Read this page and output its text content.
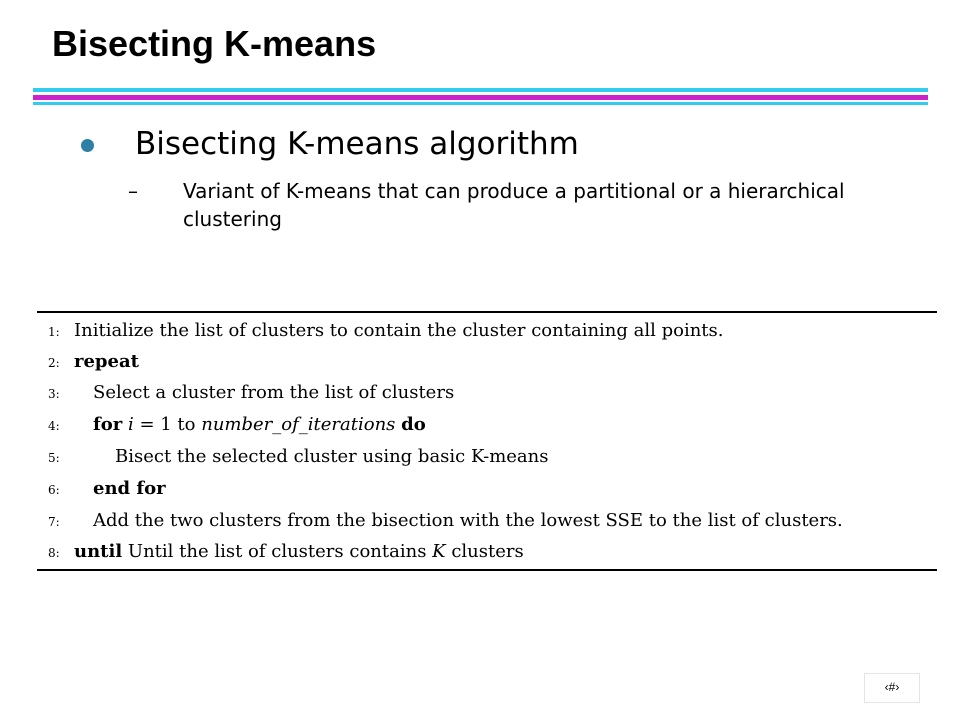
Bisecting K-means
Bisecting K-means algorithm
– Variant of K-means that can produce a partitional or a hierarchical clustering
1: Initialize the list of clusters to contain the cluster containing all points.
2: repeat
3: Select a cluster from the list of clusters
4: for i = 1 to number_of_iterations do
5:	Bisect the selected cluster using basic K-means
6: end for
7: Add the two clusters from the bisection with the lowest SSE to the list of clusters.
8: until Until the list of clusters contains K clusters
‹#›
